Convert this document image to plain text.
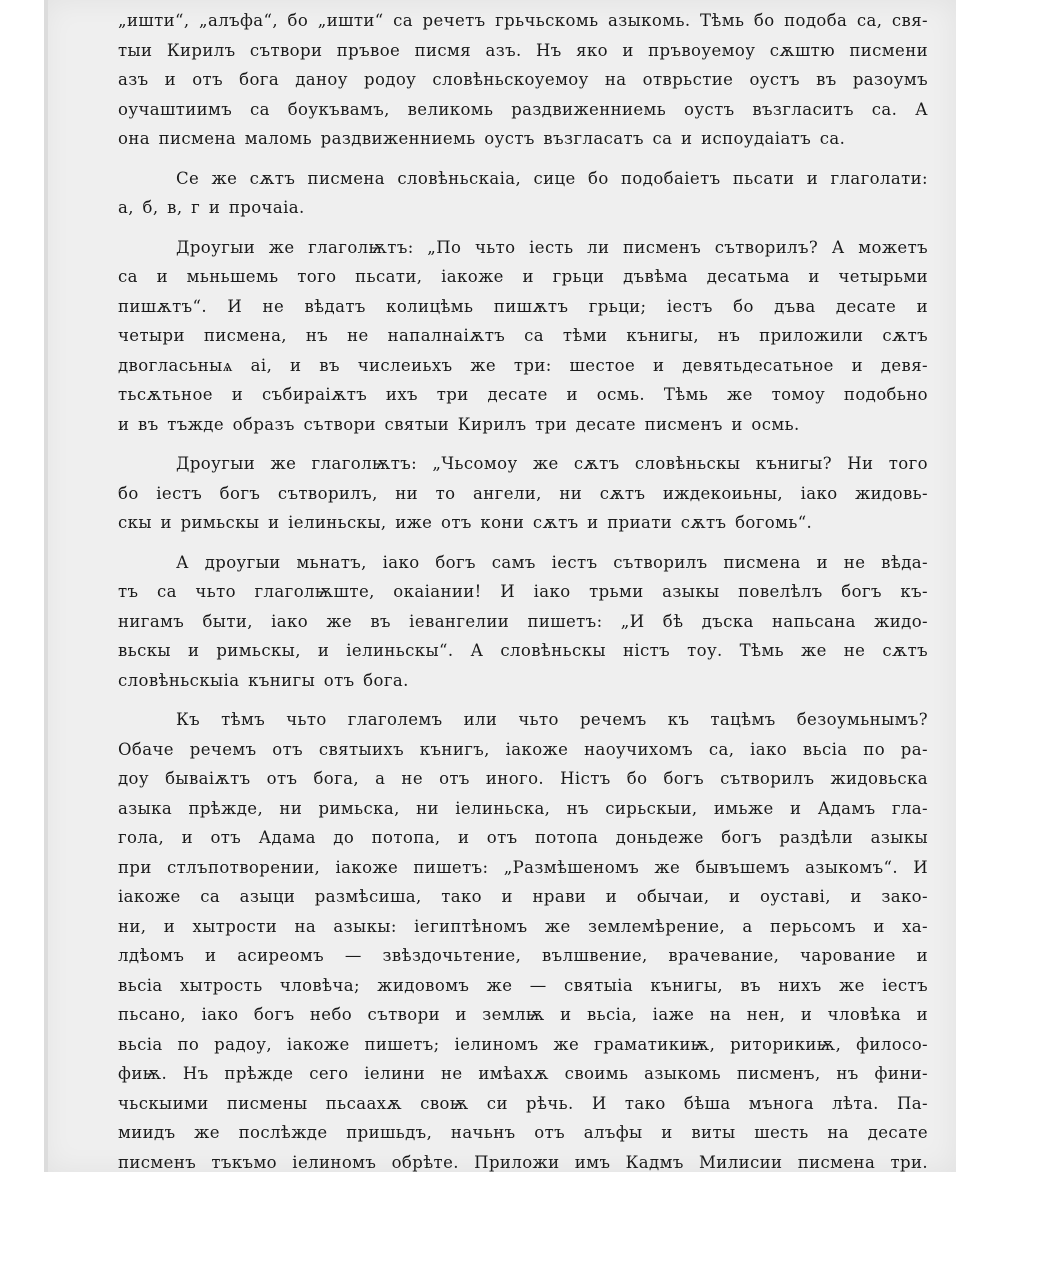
„ишти“, „алъфа“, бо „ишти“ са речетъ грьчьскомь азыкомь. Тѣмь бо подоба са, свя-
тыи Кирилъ сътвори пръвое писмя азъ. Нъ яко и пръвоуемоу сѫштю писмени
азъ и отъ бога даноу родоу словѣньскоуемоу на отврьстие оустъ въ разоумъ
оучаштиимъ са боукъвамъ, великомь раздвиженниемь оустъ възгласитъ са. А
она писмена маломь раздвиженниемь оустъ възгласатъ са и испоудаіатъ са.
Се же сѫтъ писмена словѣньскаіа, сице бо подобаіетъ пьсати и глаголати:
а, б, в, г и прочаіа.
Дроугыи же глаголѭтъ: „По чьто іесть ли писменъ сътворилъ? А можетъ
са и мьньшемь того пьсати, іакоже и грьци дъвѣма десатьма и четырьми
пишѫтъ“. И не вѣдатъ колицѣмь пишѫтъ грьци; іестъ бо дъва десате и
четыри писмена, нъ не напалнаіѫтъ са тѣми кънигы, нъ приложили сѫтъ
двогласьныѧ аі, и въ числеиьхъ же три: шестое и девятьдесатьное и девя-
тьсѫтьное и събираіѫтъ ихъ три десате и осмь. Тѣмь же томоу подобьно
и въ тъжде образъ сътвори святыи Кирилъ три десате писменъ и осмь.
Дроугыи же глаголѭтъ: „Чьсомоу же сѫтъ словѣньскы кънигы? Ни того
бо іестъ богъ сътворилъ, ни то ангели, ни сѫтъ иждекоиьны, іако жидовь-
скы и римьскы и іелиньскы, иже отъ кони сѫтъ и приати сѫтъ богомь“.
А дроугыи мьнатъ, іако богъ самъ іестъ сътворилъ писмена и не вѣда-
тъ са чьто глаголѭште, окаіании! И іако трьми азыкы повелѣлъ богъ къ-
нигамъ быти, іако же въ іевангелии пишетъ: „И бѣ дъска напьсана жидо-
вьскы и римьскы, и іелиньскы“. А словѣньскы ністъ тоу. Тѣмь же не сѫтъ
словѣньскыіа кънигы отъ бога.
Къ тѣмъ чьто глаголемъ или чьто речемъ къ тацѣмъ безоумьнымъ?
Обаче речемъ отъ святыихъ кънигъ, іакоже наоучихомъ са, іако вьсіа по ра-
доу бываіѫтъ отъ бога, а не отъ иного. Ністъ бо богъ сътворилъ жидовьска
азыка прѣжде, ни римьска, ни іелиньска, нъ сирьскыи, имьже и Адамъ гла-
гола, и отъ Адама до потопа, и отъ потопа доньдеже богъ раздѣли азыкы
при стлъпотворении, іакоже пишетъ: „Размѣшеномъ же бывъшемъ азыкомъ“. И
іакоже са азыци размѣсиша, тако и нрави и обычаи, и оуставі, и зако-
ни, и хытрости на азыкы: іегиптѣномъ же землемѣрение, а перьсомъ и ха-
лдѣомъ и асиреомъ — звѣздочьтение, вълшвение, врачевание, чарование и
вьсіа хытрость чловѣча; жидовомъ же — святыіа кънигы, въ нихъ же іестъ
пьсано, іако богъ небо сътвори и землѭ и вьсіа, іаже на нен, и чловѣка и
вьсіа по радоу, іакоже пишетъ; іелиномъ же граматикиѭ, риторикиѭ, филосо-
фиѭ. Нъ прѣжде сего іелини не имѣахѫ своимь азыкомь писменъ, нъ фини-
чьскыими писмены пьсаахѫ своѭ си рѣчь. И тако бѣша мънога лѣта. Па-
миидъ же послѣжде пришьдъ, начьнъ отъ алъфы и виты шесть на десате
писменъ тъкъмо іелиномъ обрѣте. Приложи имъ Кадмъ Милисии писмена три.
